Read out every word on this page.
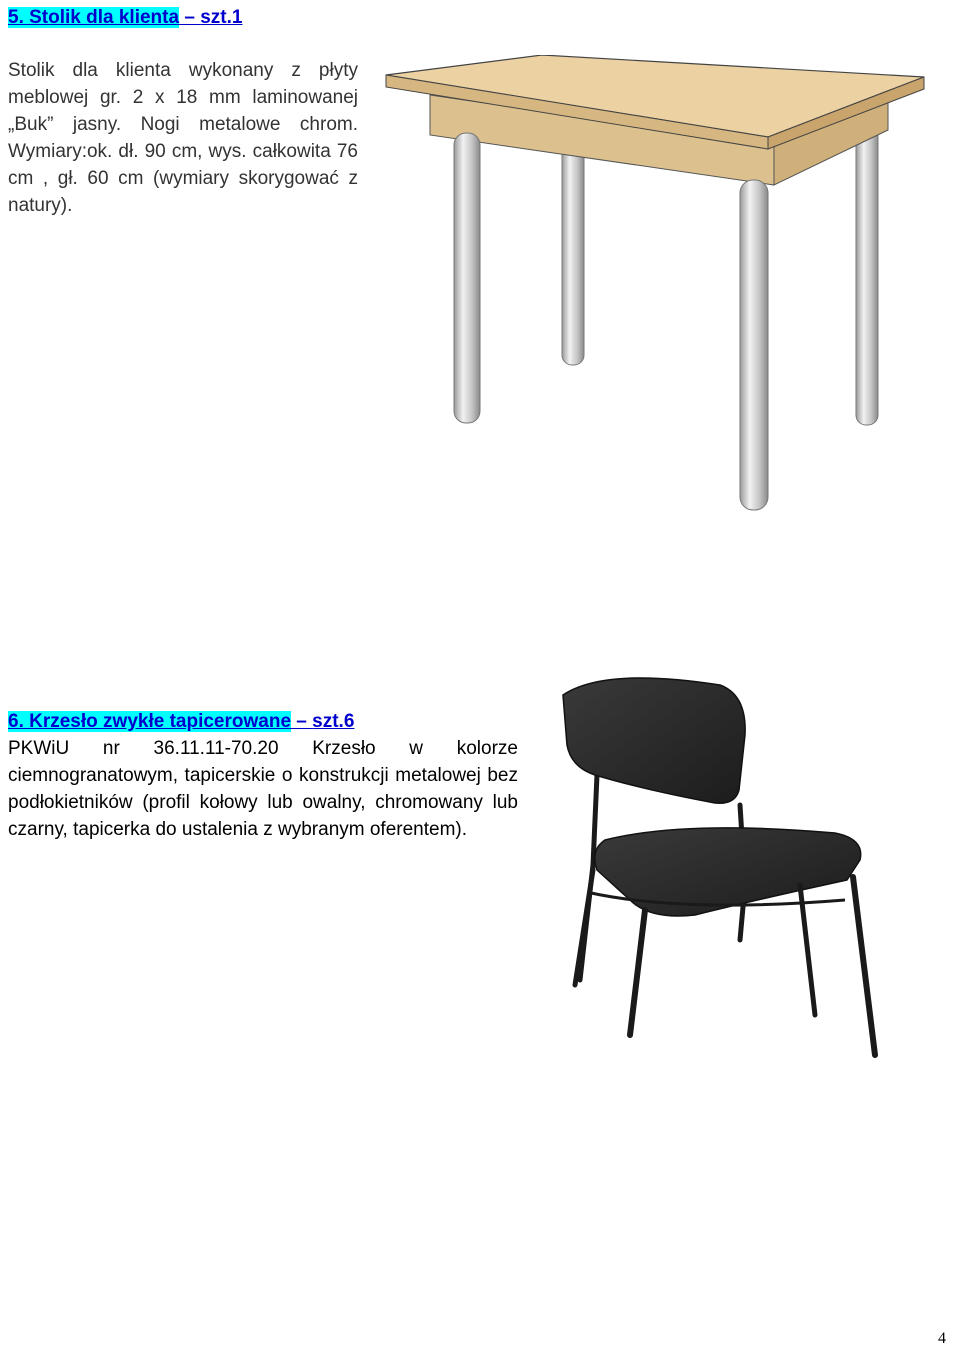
5. Stolik dla klienta – szt.1
Stolik dla klienta wykonany z płyty meblowej gr. 2 x 18 mm laminowanej „Buk” jasny. Nogi metalowe chrom. Wymiary:ok. dł. 90 cm, wys. całkowita 76 cm , gł. 60 cm (wymiary skorygować z natury).
6. Krzesło zwykłe tapicerowane – szt.6
PKWiU nr 36.11.11-70.20 Krzesło w kolorze ciemnogranatowym, tapicerskie o konstrukcji metalowej bez podłokietników (profil kołowy lub owalny, chromowany lub czarny, tapicerka do ustalenia z wybranym oferentem).
4
